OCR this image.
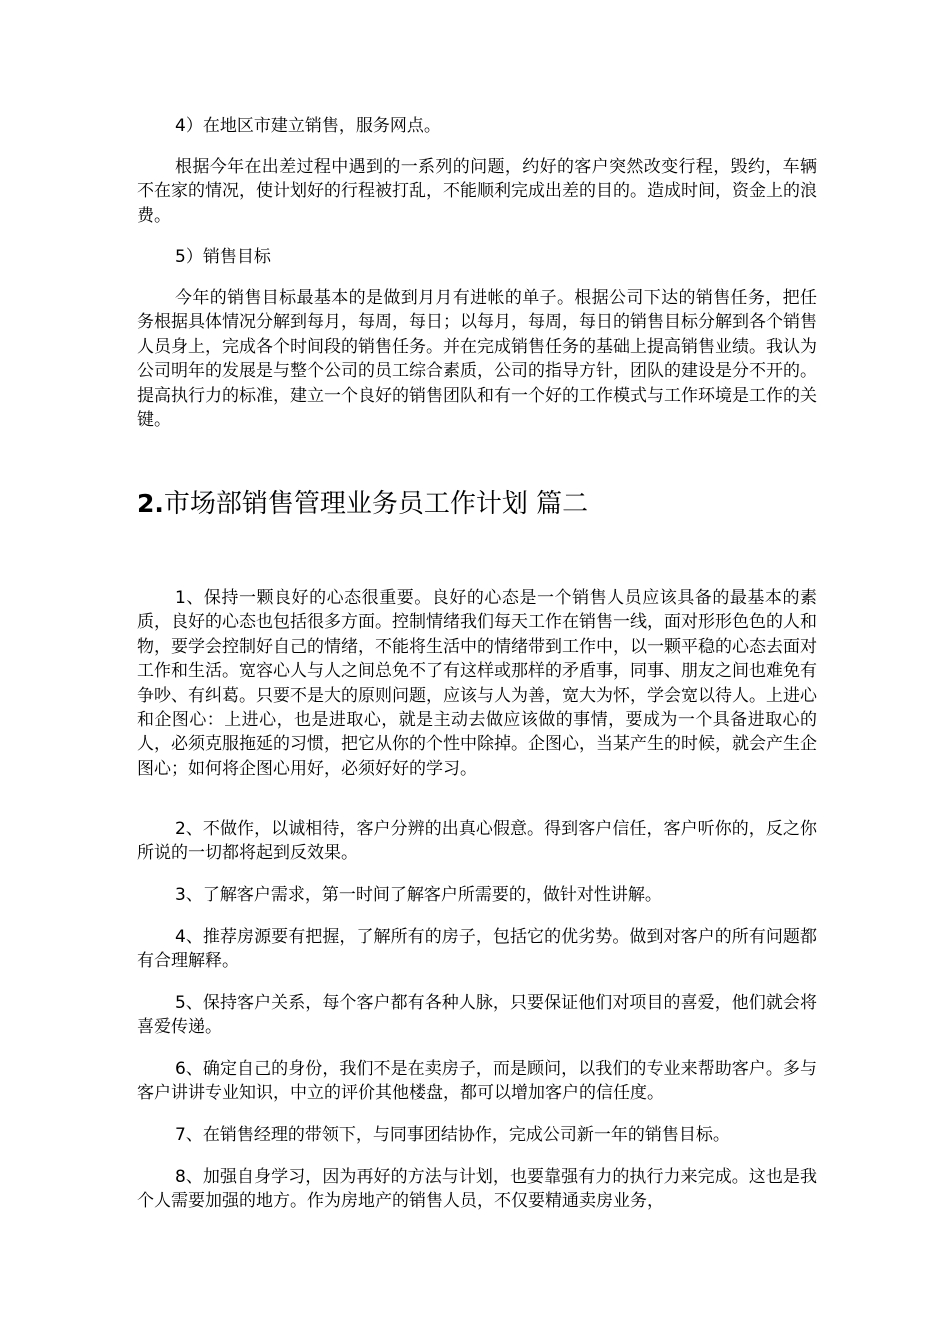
4）在地区市建立销售，服务网点。

根据今年在出差过程中遇到的一系列的问题，约好的客户突然改变行程，毁约，车辆不在家的情况，使计划好的行程被打乱，不能顺利完成出差的目的。造成时间，资金上的浪费。

5）销售目标

今年的销售目标最基本的是做到月月有进帐的单子。根据公司下达的销售任务，把任务根据具体情况分解到每月，每周，每日；以每月，每周，每日的销售目标分解到各个销售人员身上，完成各个时间段的销售任务。并在完成销售任务的基础上提高销售业绩。我认为公司明年的发展是与整个公司的员工综合素质，公司的指导方针，团队的建设是分不开的。提高执行力的标准，建立一个良好的销售团队和有一个好的工作模式与工作环境是工作的关键。

1、保持一颗良好的心态很重要。良好的心态是一个销售人员应该具备的最基本的素质，良好的心态也包括很多方面。控制情绪我们每天工作在销售一线，面对形形色色的人和物，要学会控制好自己的情绪，不能将生活中的情绪带到工作中，以一颗平稳的心态去面对工作和生活。宽容心人与人之间总免不了有这样或那样的矛盾事，同事、朋友之间也难免有争吵、有纠葛。只要不是大的原则问题，应该与人为善，宽大为怀，学会宽以待人。上进心和企图心：上进心，也是进取心，就是主动去做应该做的事情，要成为一个具备进取心的人，必须克服拖延的习惯，把它从你的个性中除掉。企图心，当某产生的时候，就会产生企图心；如何将企图心用好，必须好好的学习。

2、不做作，以诚相待，客户分辨的出真心假意。得到客户信任，客户听你的，反之你所说的一切都将起到反效果。

3、了解客户需求，第一时间了解客户所需要的，做针对性讲解。

4、推荐房源要有把握，了解所有的房子，包括它的优劣势。做到对客户的所有问题都有合理解释。

5、保持客户关系，每个客户都有各种人脉，只要保证他们对项目的喜爱，他们就会将喜爱传递。

6、确定自己的身份，我们不是在卖房子，而是顾问，以我们的专业来帮助客户。多与客户讲讲专业知识，中立的评价其他楼盘，都可以增加客户的信任度。

7、在销售经理的带领下，与同事团结协作，完成公司新一年的销售目标。

8、加强自身学习，因为再好的方法与计划，也要靠强有力的执行力来完成。这也是我个人需要加强的地方。作为房地产的销售人员，不仅要精通卖房业务，

2.市场部销售管理业务员工作计划 篇二
